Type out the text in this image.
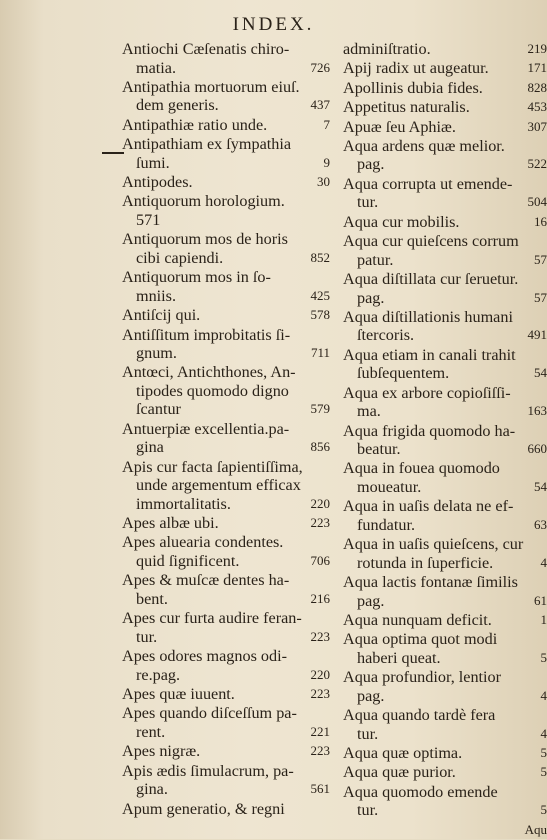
INDEX.
Antiochi Cæſenatis chiro-
matia.	726
Antipathia mortuorum eiuſ.
dem generis.	437
Antipathiæ ratio unde.	7
Antipathiam ex ſympathia
ſumi.	9
Antipodes.	30
Antiquorum horologium.
571
Antiquorum mos de horis
cibi capiendi.	852
Antiquorum mos in ſo-
mniis.	425
Antiſcij qui.	578
Antiſſitum improbitatis ſi-
gnum.	711
Antœci, Antichthones, An-
tipodes quomodo digno
ſcantur	579
Antuerpiæ excellentia.pa-
gina	856
Apis cur facta ſapientiſſima,
unde argementum efficax
immortalitatis.	220
Apes albæ ubi.	223
Apes aluearia condentes.
quid ſignificent.	706
Apes & muſcæ dentes ha-
bent.	216
Apes cur furta audire feran-
tur.	223
Apes odores magnos odi-
re.pag.	220
Apes quæ iuuent.	223
Apes quando diſceſſum pa-
rent.	221
Apes nigræ.	223
Apis ædis ſimulacrum, pa-
gina.	561
Apum generatio, & regni
adminiſtratio.	219
Apij radix ut augeatur.	171
Apollinis dubia fides.	828
Appetitus naturalis.	453
Apuæ ſeu Aphiæ.	307
Aqua ardens quæ melior.
pag.	522
Aqua corrupta ut emende-
tur.	504
Aqua cur mobilis.	16
Aqua cur quieſcens corrum
patur.	57
Aqua diſtillata cur ſeruetur.
pag.	57
Aqua diſtillationis humani
ſtercoris.	491
Aqua etiam in canali trahit
ſubſequentem.	54
Aqua ex arbore copioſiſſi-
ma.	163
Aqua frigida quomodo ha-
beatur.	660
Aqua in fouea quomodo
moueatur.	54
Aqua in uaſis delata ne ef-
fundatur.	63
Aqua in uaſis quieſcens, cur
rotunda in ſuperficie.	4
Aqua lactis fontanæ ſimilis
pag.	61
Aqua nunquam deficit.	1
Aqua optima quot modi
haberi queat.	5
Aqua profundior, lentior
pag.	4
Aqua quando tardè fera
tur.	4
Aqua quæ optima.	5
Aqua quæ purior.	5
Aqua quomodo emende
tur.	5
Aqu
